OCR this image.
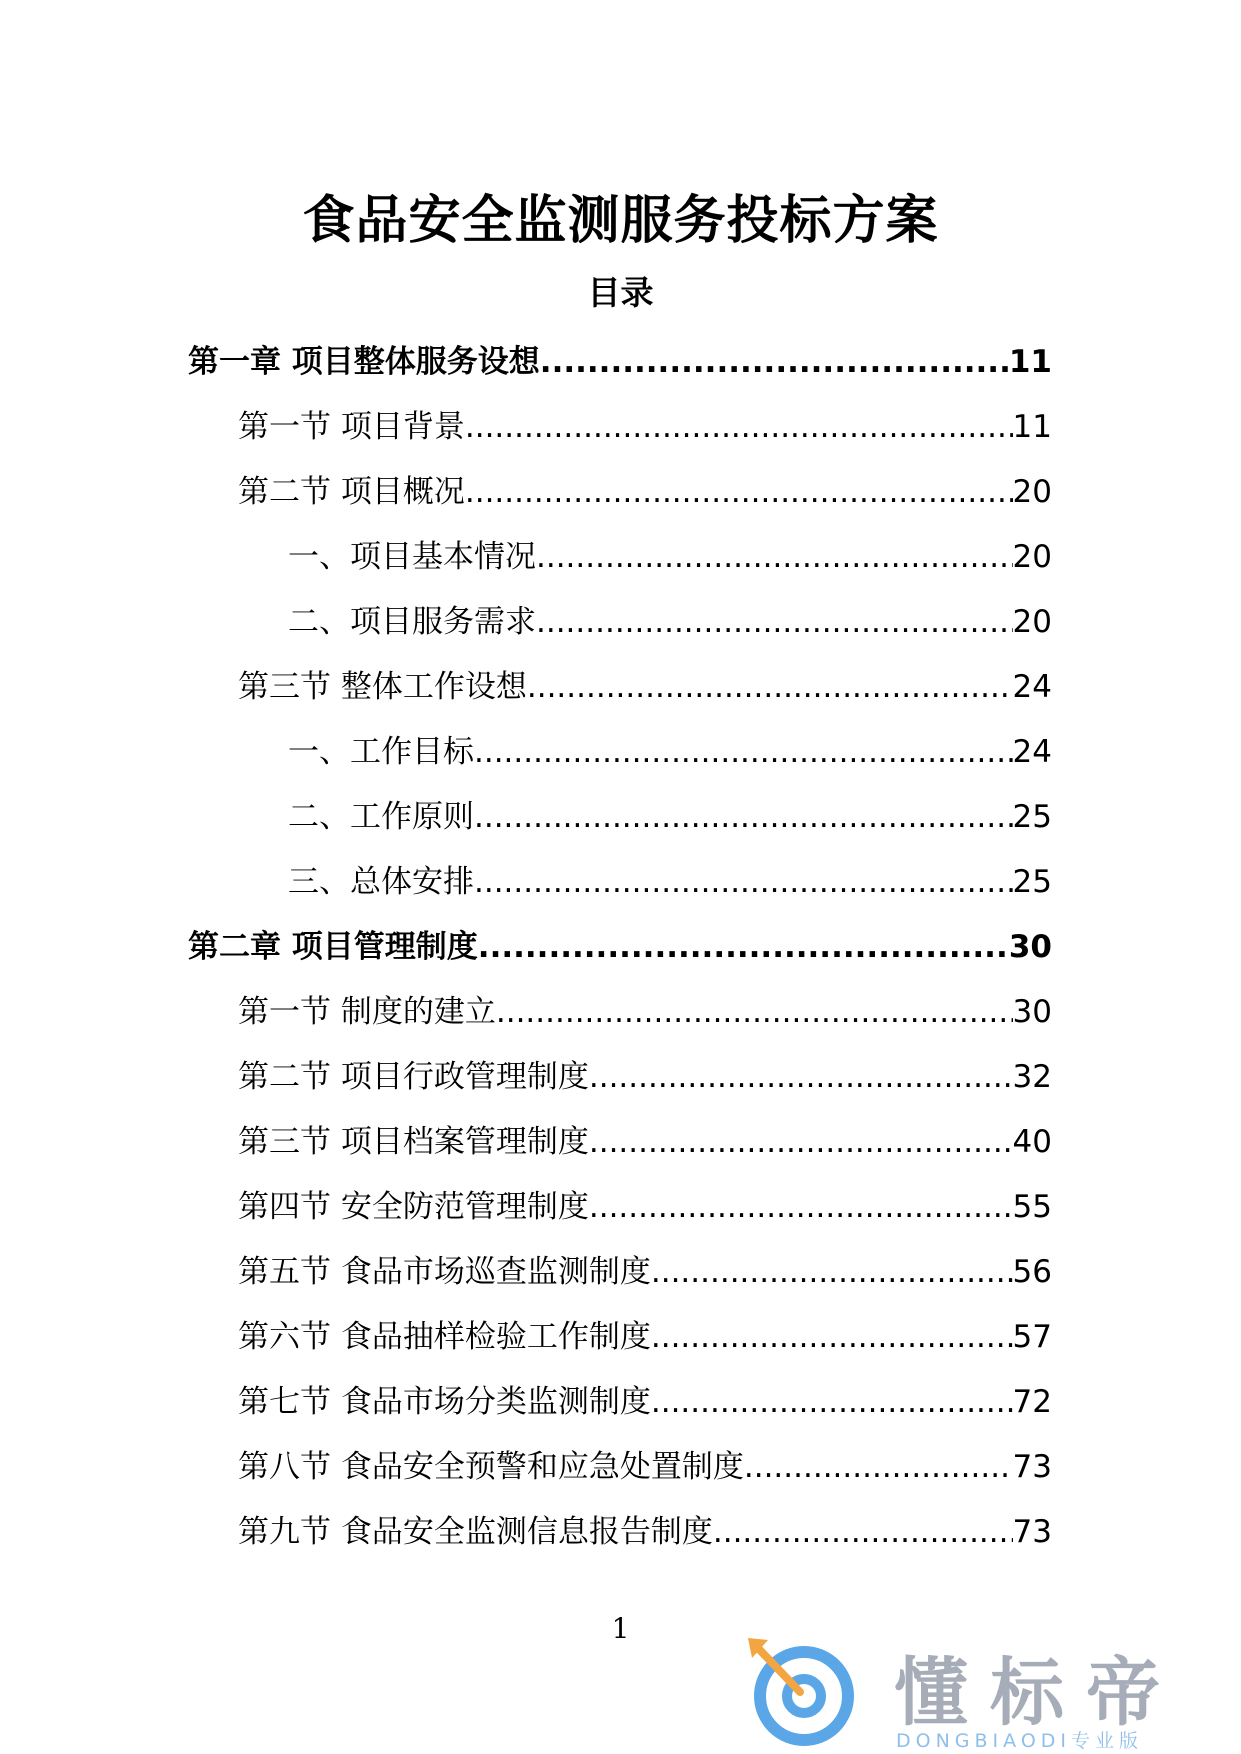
食品安全监测服务投标方案
目录
第一章 项目整体服务设想 .....	11
第一节 项目背景 .....	11
第二节 项目概况 .....	20
一、项目基本情况 .....	20
二、项目服务需求 .....	20
第三节 整体工作设想 .....	24
一、工作目标 .....	24
二、工作原则 .....	25
三、总体安排 .....	25
第二章 项目管理制度 .....	30
第一节 制度的建立 .....	30
第二节 项目行政管理制度 .....	32
第三节 项目档案管理制度 .....	40
第四节 安全防范管理制度 .....	55
第五节 食品市场巡查监测制度 .....	56
第六节 食品抽样检验工作制度 .....	57
第七节 食品市场分类监测制度 .....	72
第八节 食品安全预警和应急处置制度 .....	73
第九节 食品安全监测信息报告制度 .....	73
1
懂标帝
DONGBIAODI专业版
